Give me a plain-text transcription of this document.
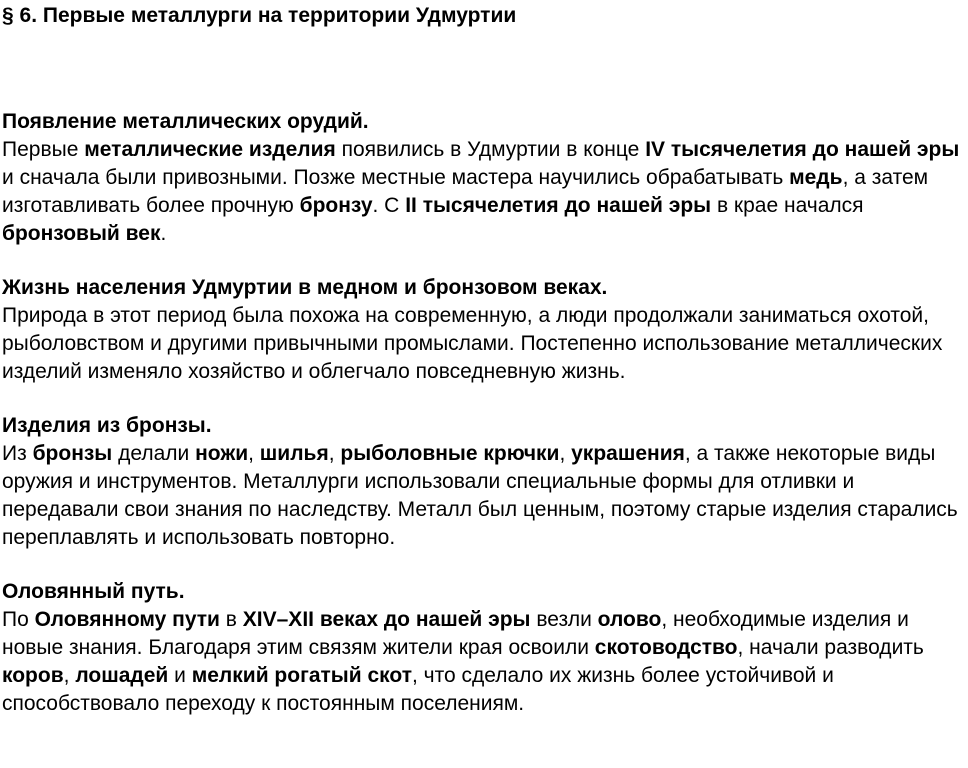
§ 6. Первые металлурги на территории Удмуртии
Появление металлических орудий.

Первые металлические изделия появились в Удмуртии в конце IV тысячелетия до нашей эры и сначала были привозными. Позже местные мастера научились обрабатывать медь, а затем изготавливать более прочную бронзу. С II тысячелетия до нашей эры в крае начался бронзовый век.

Жизнь населения Удмуртии в медном и бронзовом веках.

Природа в этот период была похожа на современную, а люди продолжали заниматься охотой, рыболовством и другими привычными промыслами. Постепенно использование металлических изделий изменяло хозяйство и облегчало повседневную жизнь.

Изделия из бронзы.

Из бронзы делали ножи, шилья, рыболовные крючки, украшения, а также некоторые виды оружия и инструментов. Металлурги использовали специальные формы для отливки и передавали свои знания по наследству. Металл был ценным, поэтому старые изделия старались переплавлять и использовать повторно.

Оловянный путь.

По Оловянному пути в XIV–XII веках до нашей эры везли олово, необходимые изделия и новые знания. Благодаря этим связям жители края освоили скотоводство, начали разводить коров, лошадей и мелкий рогатый скот, что сделало их жизнь более устойчивой и способствовало переходу к постоянным поселениям.
